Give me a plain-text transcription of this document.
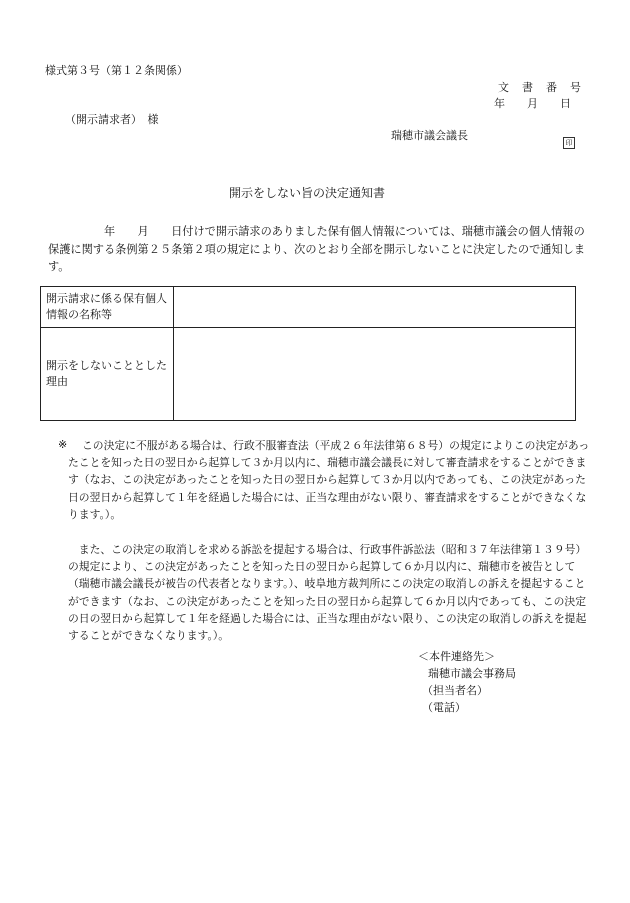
様式第３号（第１２条関係）
文　書　番　号
年　　月　　日
（開示請求者）　様
瑞穂市議会議長
印
開示をしない旨の決定通知書
　　　　　年　　月　　日付けで開示請求のありました保有個人情報については、瑞穂市議会の個人情報の保護に関する条例第２５条第２項の規定により、次のとおり全部を開示しないことに決定したので通知します。
開示請求に係る保有個人情報の名称等	
開示をしないこととした理由	
※	この決定に不服がある場合は、行政不服審査法（平成２６年法律第６８号）の規定によりこの決定があったことを知った日の翌日から起算して３か月以内に、瑞穂市議会議長に対して審査請求をすることができます（なお、この決定があったことを知った日の翌日から起算して３か月以内であっても、この決定があった日の翌日から起算して１年を経過した場合には、正当な理由がない限り、審査請求をすることができなくなります。）。
　また、この決定の取消しを求める訴訟を提起する場合は、行政事件訴訟法（昭和３７年法律第１３９号）の規定により、この決定があったことを知った日の翌日から起算して６か月以内に、瑞穂市を被告として（瑞穂市議会議長が被告の代表者となります。）、岐阜地方裁判所にこの決定の取消しの訴えを提起することができます（なお、この決定があったことを知った日の翌日から起算して６か月以内であっても、この決定の日の翌日から起算して１年を経過した場合には、正当な理由がない限り、この決定の取消しの訴えを提起することができなくなります。）。
＜本件連絡先＞
瑞穂市議会事務局
（担当者名）
（電話）
